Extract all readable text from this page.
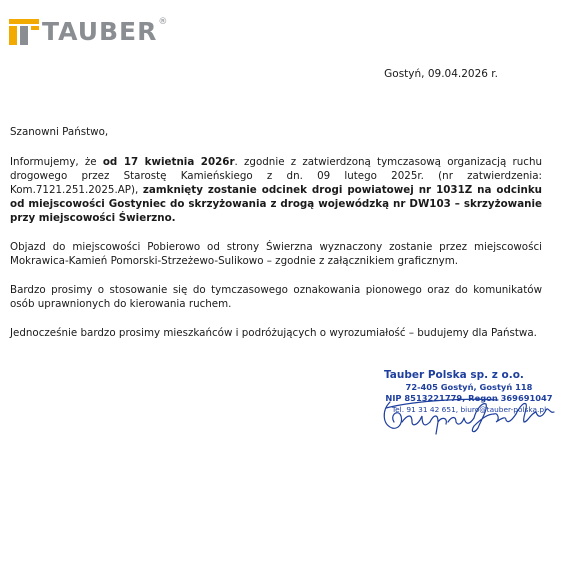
TAUBER ®
Gostyń, 09.04.2026 r.

Szanowni Państwo,

Informujemy, że od 17 kwietnia 2026r. zgodnie z zatwierdzoną tymczasową organizacją ruchu drogowego przez Starostę Kamieńskiego z dn. 09 lutego 2025r. (nr zatwierdzenia: Kom.7121.251.2025.AP), zamknięty zostanie odcinek drogi powiatowej nr 1031Z na odcinku od miejscowości Gostyniec do skrzyżowania z drogą wojewódzką nr DW103 – skrzyżowanie przy miejscowości Świerzno.

Objazd do miejscowości Pobierowo od strony Świerzna wyznaczony zostanie przez miejscowości Mokrawica-Kamień Pomorski-Strzeżewo-Sulikowo – zgodnie z załącznikiem graficznym.

Bardzo prosimy o stosowanie się do tymczasowego oznakowania pionowego oraz do komunikatów osób uprawnionych do kierowania ruchem.

Jednocześnie bardzo prosimy mieszkańców i podróżujących o wyrozumiałość – budujemy dla Państwa.

Tauber Polska sp. z o.o.
72-405 Gostyń, Gostyń 118
NIP 8513221779, Regon 369691047
Tel. 91 31 42 651, biuro@tauber-polska.pl
